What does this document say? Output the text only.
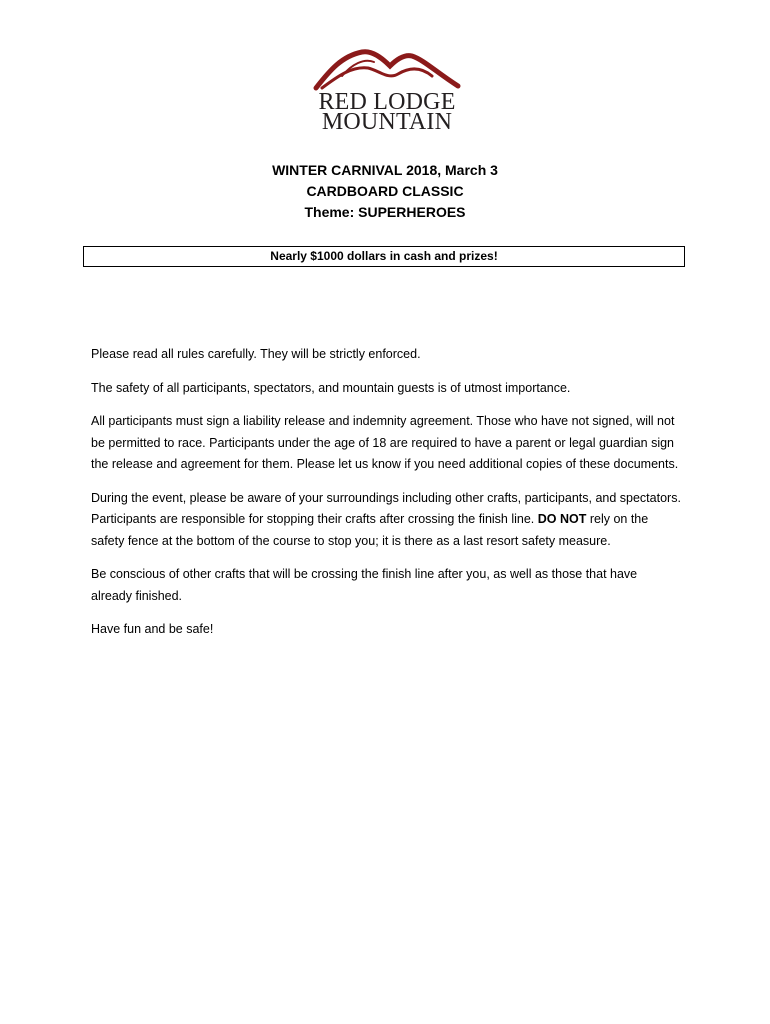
RED LODGE
MOUNTAIN
WINTER CARNIVAL 2018, March 3
CARDBOARD CLASSIC
Theme: SUPERHEROES
Nearly $1000 dollars in cash and prizes!

Please read all rules carefully. They will be strictly enforced.

The safety of all participants, spectators, and mountain guests is of utmost importance.

All participants must sign a liability release and indemnity agreement. Those who have not signed, will not be permitted to race. Participants under the age of 18 are required to have a parent or legal guardian sign the release and agreement for them. Please let us know if you need additional copies of these documents.

During the event, please be aware of your surroundings including other crafts, participants, and spectators. Participants are responsible for stopping their crafts after crossing the finish line. DO NOT rely on the safety fence at the bottom of the course to stop you; it is there as a last resort safety measure.

Be conscious of other crafts that will be crossing the finish line after you, as well as those that have already finished.

Have fun and be safe!
